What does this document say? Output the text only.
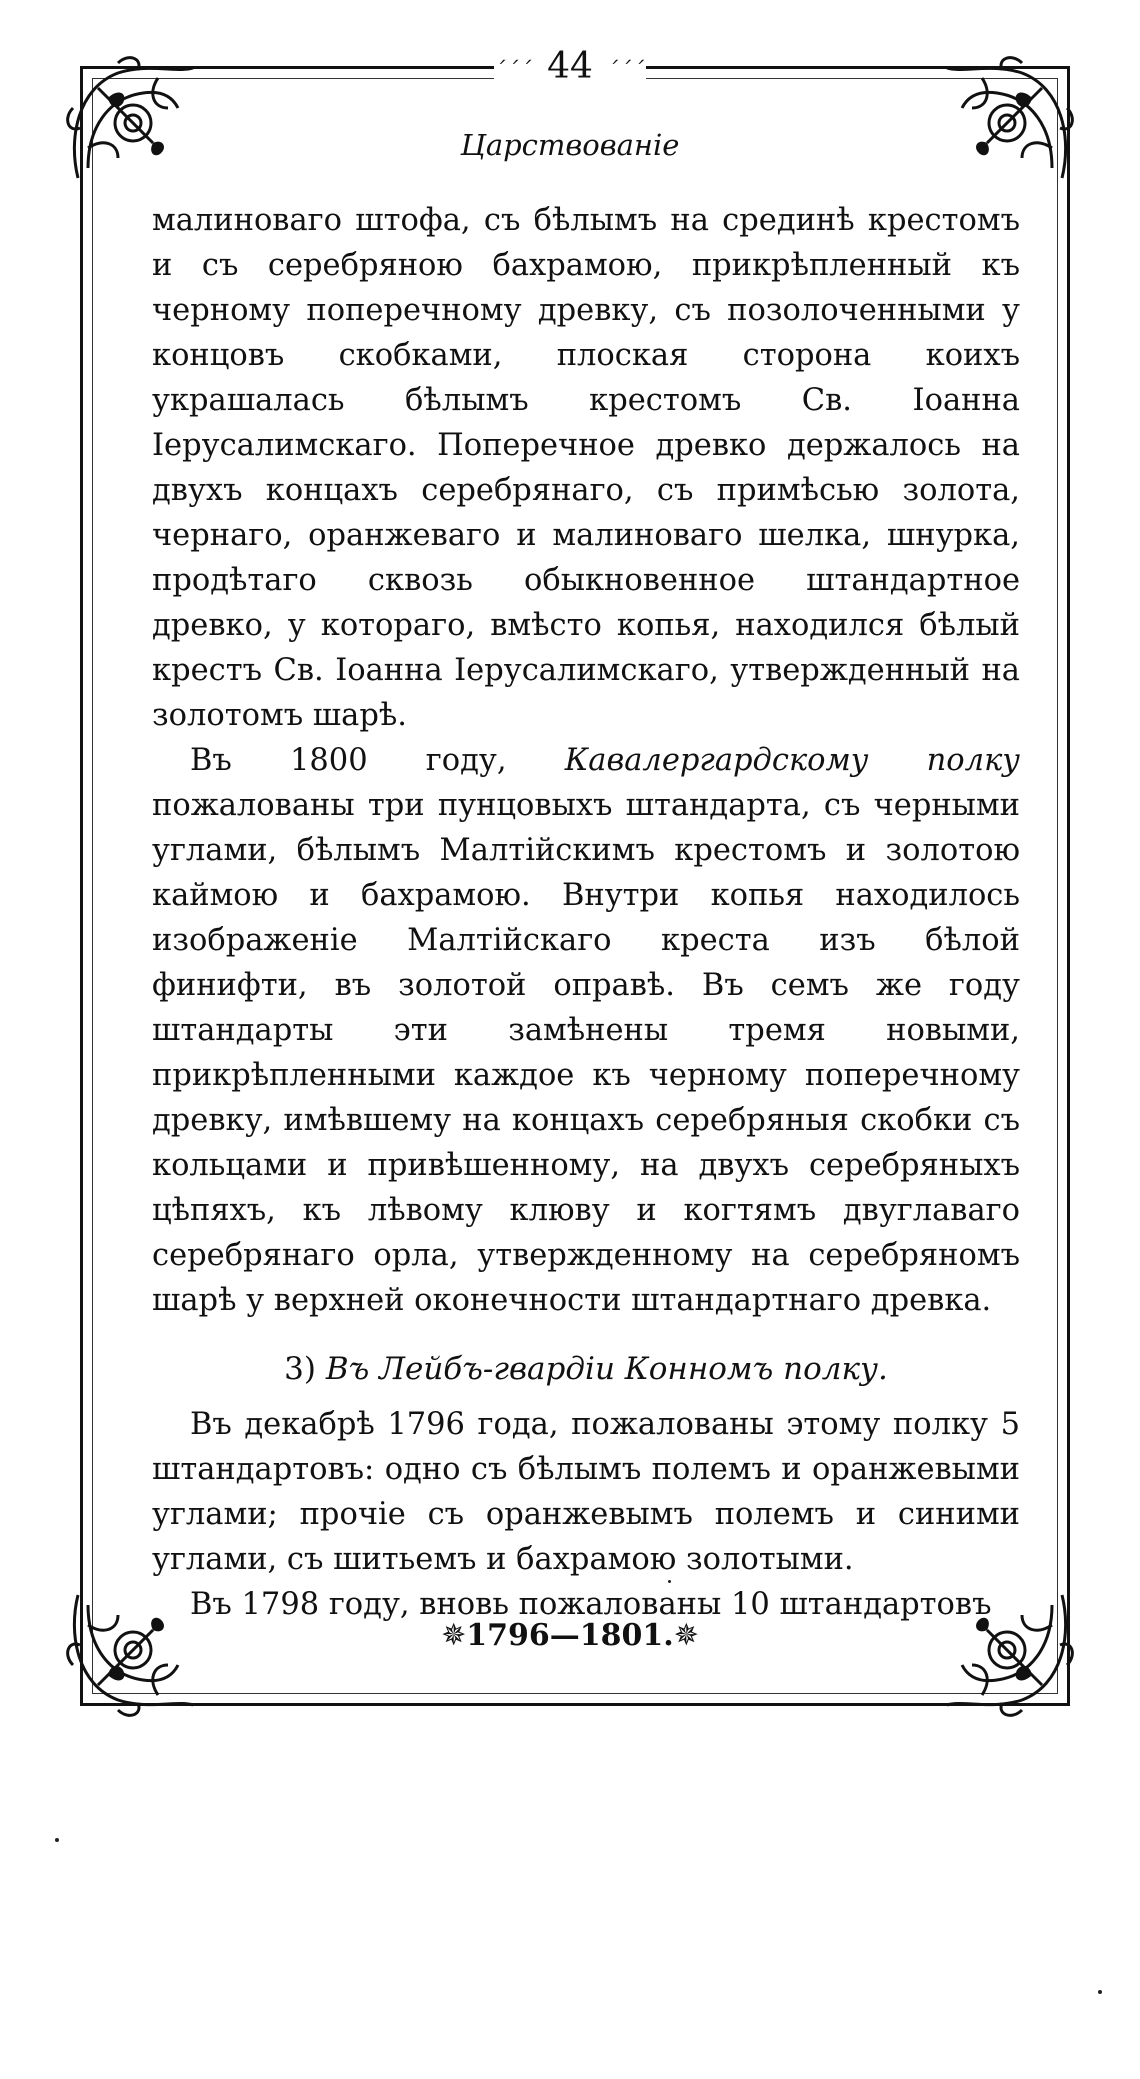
´´´ 44 ´´´
Царствованіе

малиноваго штофа, съ бѣлымъ на срединѣ крестомъ и съ серебряною бахрамою, прикрѣпленный къ черному поперечному древку, съ позолоченными у концовъ скобками, плоская сторона коихъ украшалась бѣлымъ крестомъ Св. Іоанна Іерусалимскаго. Поперечное древко держалось на двухъ концахъ серебрянаго, съ примѣсью золота, чернаго, оранжеваго и малиноваго шелка, шнурка, продѣтаго сквозь обыкновенное штандартное древко, у котораго, вмѣсто копья, находился бѣлый крестъ Св. Іоанна Іерусалимскаго, утвержденный на золотомъ шарѣ.

Въ 1800 году, Кавалергардскому полку пожалованы три пунцовыхъ штандарта, съ черными углами, бѣлымъ Малтійскимъ крестомъ и золотою каймою и бахрамою. Внутри копья находилось изображеніе Малтійскаго креста изъ бѣлой финифти, въ золотой оправѣ. Въ семъ же году штандарты эти замѣнены тремя новыми, прикрѣпленными каждое къ черному поперечному древку, имѣвшему на концахъ серебряныя скобки съ кольцами и привѣшенному, на двухъ серебряныхъ цѣпяхъ, къ лѣвому клюву и когтямъ двуглаваго серебрянаго орла, утвержденному на серебряномъ шарѣ у верхней оконечности штандартнаго древка.

3) Въ Лейбъ-гвардіи Конномъ полку.

Въ декабрѣ 1796 года, пожалованы этому полку 5 штандартовъ: одно съ бѣлымъ полемъ и оранжевыми углами; прочіе съ оранжевымъ полемъ и синими углами, съ шитьемъ и бахрамою золотыми.

Въ 1798 году, вновь пожалованы 10 штандартовъ

✵1796—1801.✵
